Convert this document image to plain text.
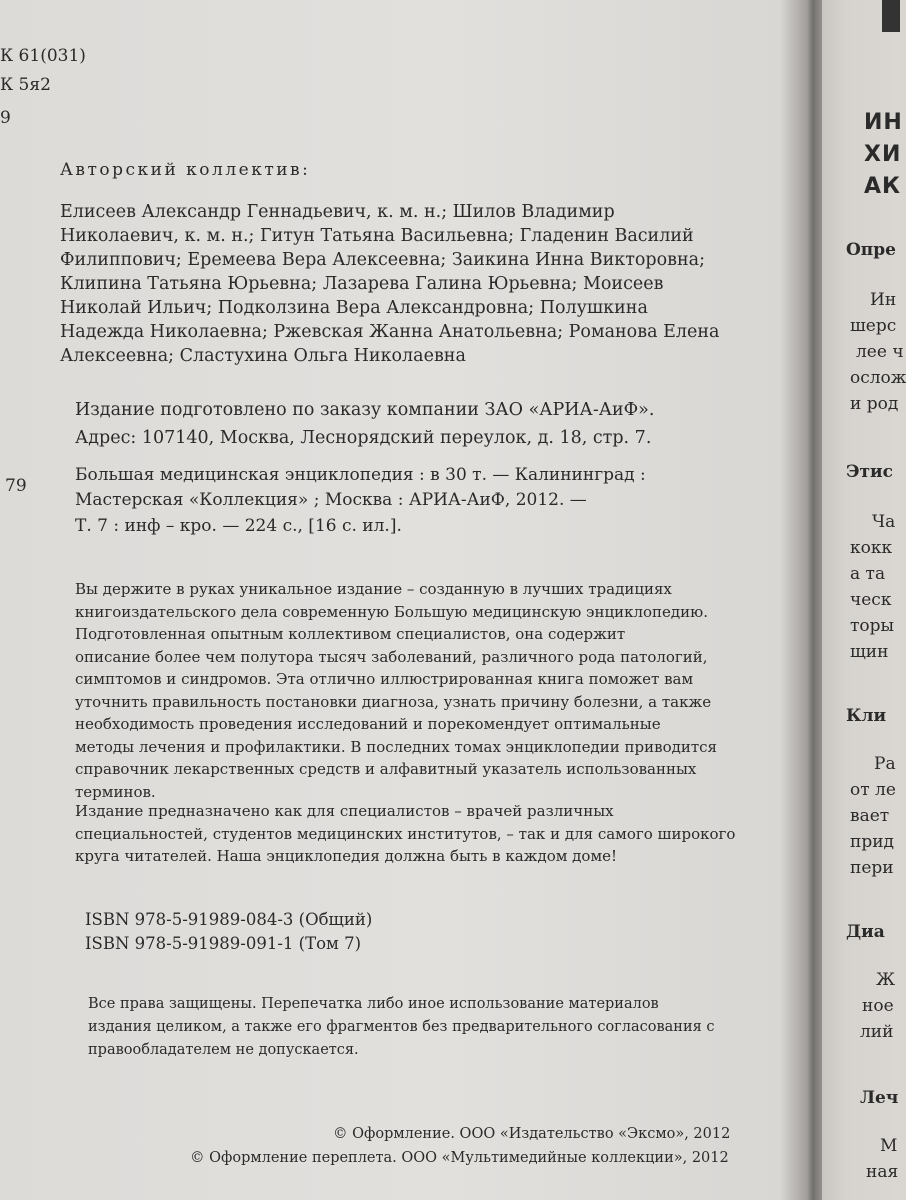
К 61(031)
К 5я2
9
Авторский коллектив:

Елисеев Александр Геннадьевич, к. м. н.; Шилов Владимир

Николаевич, к. м. н.; Гитун Татьяна Васильевна; Гладенин Василий

Филиппович; Еремеева Вера Алексеевна; Заикина Инна Викторовна;

Клипина Татьяна Юрьевна; Лазарева Галина Юрьевна; Моисеев

Николай Ильич; Подколзина Вера Александровна; Полушкина

Надежда Николаевна; Ржевская Жанна Анатольевна; Романова Елена

Алексеевна; Сластухина Ольга Николаевна

Издание подготовлено по заказу компании ЗАО «АРИА-АиФ».
Адрес: 107140, Москва, Леснорядский переулок, д. 18, стр. 7.
79
Большая медицинская энциклопедия : в 30 т. — Калининград :
Мастерская «Коллекция» ; Москва : АРИА-АиФ, 2012. —
Т. 7 : инф – кро. — 224 с., [16 с. ил.].
Вы держите в руках уникальное издание – созданную в лучших традициях
книгоиздательского дела современную Большую медицинскую энциклопедию.
Подготовленная опытным коллективом специалистов, она содержит
описание более чем полутора тысяч заболеваний, различного рода патологий,
симптомов и синдромов. Эта отлично иллюстрированная книга поможет вам
уточнить правильность постановки диагноза, узнать причину болезни, а также
необходимость проведения исследований и порекомендует оптимальные
методы лечения и профилактики. В последних томах энциклопедии приводится
справочник лекарственных средств и алфавитный указатель использованных
терминов.
Издание предназначено как для специалистов – врачей различных
специальностей, студентов медицинских институтов, – так и для самого широкого
круга читателей. Наша энциклопедия должна быть в каждом доме!
ISBN 978-5-91989-084-3 (Общий)
ISBN 978-5-91989-091-1 (Том 7)
Все права защищены. Перепечатка либо иное использование материалов
издания целиком, а также его фрагментов без предварительного согласования с
правообладателем не допускается.
© Оформление. ООО «Издательство «Эксмо», 2012
© Оформление переплета. ООО «Мультимедийные коллекции», 2012
ИН
ХИ
АК
Опре
Ин
шерс
лее ч
ослож
и род
Этис
Ча
кокк
а та
ческ
торы
щин
Кли
Ра
от ле
вает
прид
пери
Диа
Ж
ное
лий
Леч
М
ная
